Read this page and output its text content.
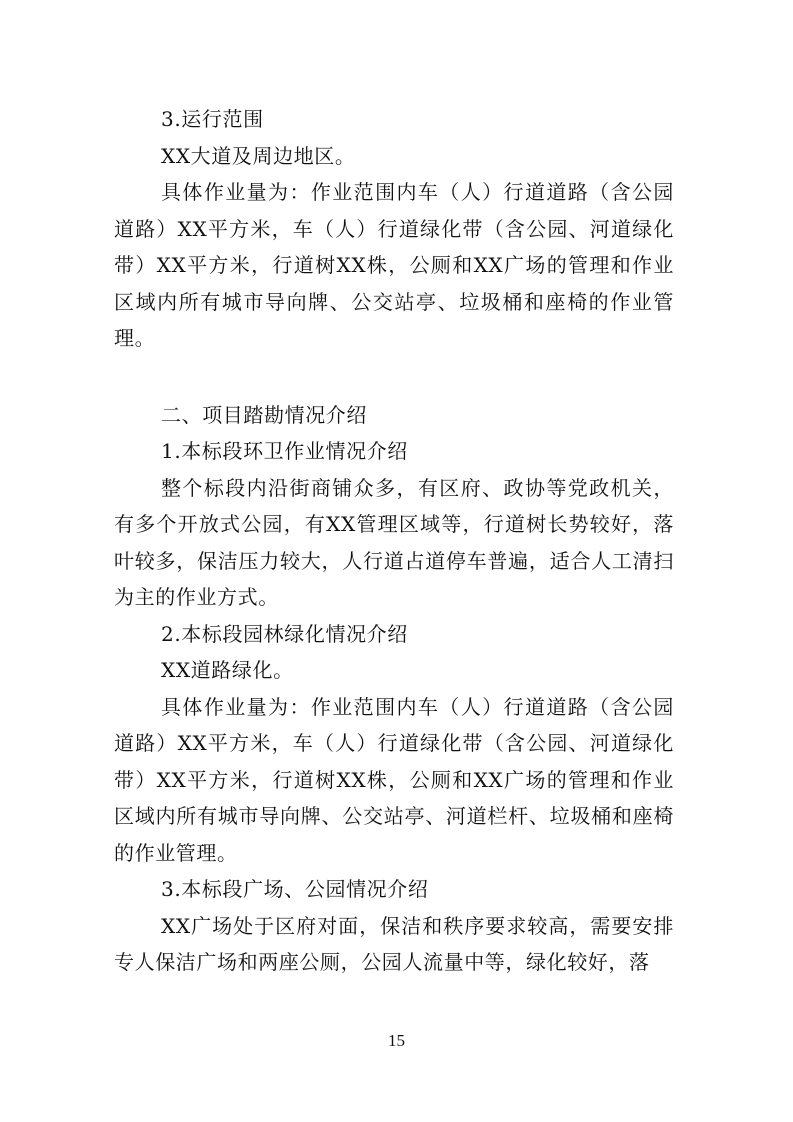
3.运行范围

XX大道及周边地区。

具体作业量为：作业范围内车（人）行道道路（含公园道路）XX平方米，车（人）行道绿化带（含公园、河道绿化带）XX平方米，行道树XX株，公厕和XX广场的管理和作业区域内所有城市导向牌、公交站亭、垃圾桶和座椅的作业管理。

二、项目踏勘情况介绍

1.本标段环卫作业情况介绍

整个标段内沿街商铺众多，有区府、政协等党政机关，有多个开放式公园，有XX管理区域等，行道树长势较好，落叶较多，保洁压力较大，人行道占道停车普遍，适合人工清扫为主的作业方式。

2.本标段园林绿化情况介绍

XX道路绿化。

具体作业量为：作业范围内车（人）行道道路（含公园道路）XX平方米，车（人）行道绿化带（含公园、河道绿化带）XX平方米，行道树XX株，公厕和XX广场的管理和作业区域内所有城市导向牌、公交站亭、河道栏杆、垃圾桶和座椅的作业管理。

3.本标段广场、公园情况介绍

XX广场处于区府对面，保洁和秩序要求较高，需要安排专人保洁广场和两座公厕，公园人流量中等，绿化较好，落

15
